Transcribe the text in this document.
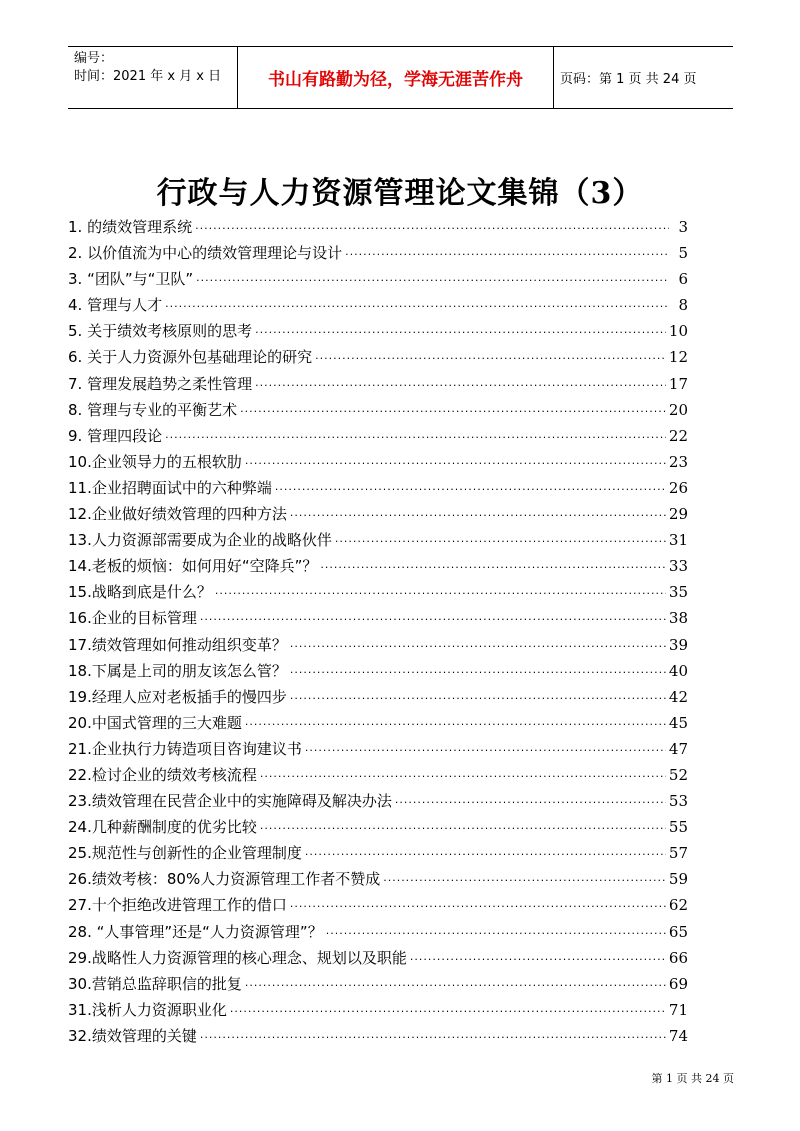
编号：
时间：2021 年 x 月 x 日	书山有路勤为径，学海无涯苦作舟	页码：第 1 页 共 24 页
行政与人力资源管理论文集锦（3）
1. 的绩效管理系统 ·····	3
2. 以价值流为中心的绩效管理理论与设计 ·····	5
3. “团队”与“卫队” ·····	6
4. 管理与人才 ·····	8
5. 关于绩效考核原则的思考 ·····	10
6. 关于人力资源外包基础理论的研究 ·····	12
7. 管理发展趋势之柔性管理 ·····	17
8. 管理与专业的平衡艺术 ·····	20
9. 管理四段论 ·····	22
10.企业领导力的五根软肋 ·····	23
11.企业招聘面试中的六种弊端 ·····	26
12.企业做好绩效管理的四种方法 ·····	29
13.人力资源部需要成为企业的战略伙伴 ·····	31
14.老板的烦恼：如何用好“空降兵”？ ·····	33
15.战略到底是什么？ ·····	35
16.企业的目标管理 ·····	38
17.绩效管理如何推动组织变革？ ·····	39
18.下属是上司的朋友该怎么管？ ·····	40
19.经理人应对老板插手的慢四步 ·····	42
20.中国式管理的三大难题 ·····	45
21.企业执行力铸造项目咨询建议书 ·····	47
22.检讨企业的绩效考核流程 ·····	52
23.绩效管理在民营企业中的实施障碍及解决办法 ·····	53
24.几种薪酬制度的优劣比较 ·····	55
25.规范性与创新性的企业管理制度 ·····	57
26.绩效考核：80%人力资源管理工作者不赞成 ·····	59
27.十个拒绝改进管理工作的借口 ·····	62
28. “人事管理”还是“人力资源管理”？ ·····	65
29.战略性人力资源管理的核心理念、规划以及职能 ·····	66
30.营销总监辞职信的批复 ·····	69
31.浅析人力资源职业化 ·····	71
32.绩效管理的关键 ·····	74
第 1 页 共 24 页
